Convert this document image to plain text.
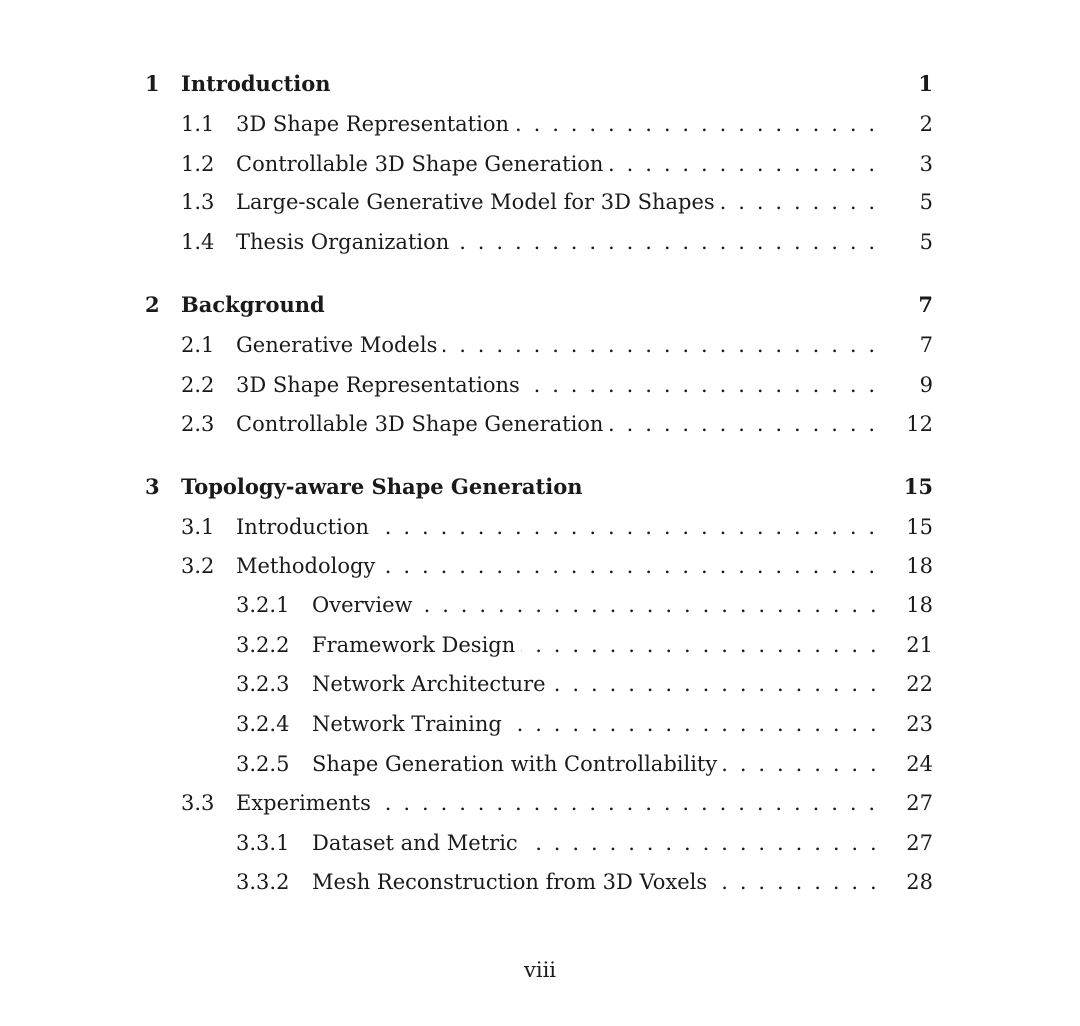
1 Introduction	1
1.1 . . . 3D Shape Representation	2
1.2 . . . Controllable 3D Shape Generation	3
1.3 . . . Large-scale Generative Model for 3D Shapes	5
1.4 . . . Thesis Organization	5
2 Background	7
2.1 . . . Generative Models	7
2.2 . . . 3D Shape Representations	9
2.3 . . . Controllable 3D Shape Generation	12
3 Topology-aware Shape Generation	15
3.1 . . . Introduction	15
3.2 . . . Methodology	18
3.2.1 . . . Overview	18
3.2.2 . . . Framework Design	21
3.2.3 . . . Network Architecture	22
3.2.4 . . . Network Training	23
3.2.5 . . . Shape Generation with Controllability	24
3.3 . . . Experiments	27
3.3.1 . . . Dataset and Metric	27
3.3.2 . . . Mesh Reconstruction from 3D Voxels	28
viii
